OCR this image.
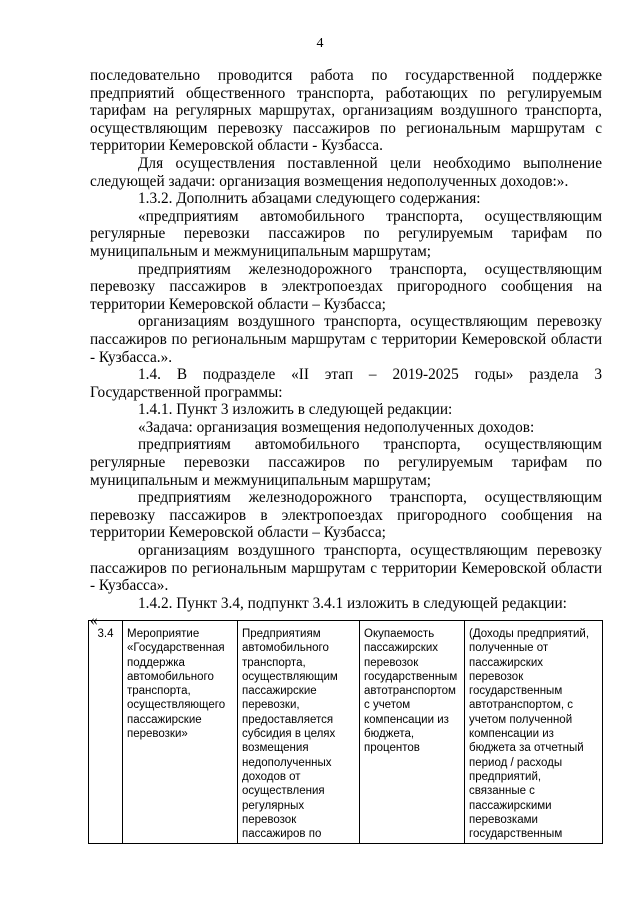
4

последовательно проводится работа по государственной поддержке предприятий общественного транспорта, работающих по регулируемым тарифам на регулярных маршрутах, организациям воздушного транспорта, осуществляющим перевозку пассажиров по региональным маршрутам с территории Кемеровской области - Кузбасса.

Для осуществления поставленной цели необходимо выполнение следующей задачи: организация возмещения недополученных доходов:».

1.3.2. Дополнить абзацами следующего содержания:

«предприятиям автомобильного транспорта, осуществляющим регулярные перевозки пассажиров по регулируемым тарифам по муниципальным и межмуниципальным маршрутам;

предприятиям железнодорожного транспорта, осуществляющим перевозку пассажиров в электропоездах пригородного сообщения на территории Кемеровской области – Кузбасса;

организациям воздушного транспорта, осуществляющим перевозку пассажиров по региональным маршрутам с территории Кемеровской области - Кузбасса.».

1.4. В подразделе «II этап – 2019-2025 годы» раздела 3 Государственной программы:

1.4.1. Пункт 3 изложить в следующей редакции:

«Задача: организация возмещения недополученных доходов:

предприятиям автомобильного транспорта, осуществляющим регулярные перевозки пассажиров по регулируемым тарифам по муниципальным и межмуниципальным маршрутам;

предприятиям железнодорожного транспорта, осуществляющим перевозку пассажиров в электропоездах пригородного сообщения на территории Кемеровской области – Кузбасса;

организациям воздушного транспорта, осуществляющим перевозку пассажиров по региональным маршрутам с территории Кемеровской области - Кузбасса».

1.4.2. Пункт 3.4, подпункт 3.4.1 изложить в следующей редакции:

«

3.4	Мероприятие «Государственная поддержка автомобильного транспорта, осуществляющего пассажирские перевозки»	Предприятиям автомобильного транспорта, осуществляющим пассажирские перевозки, предоставляется субсидия в целях возмещения недополученных доходов от осуществления регулярных перевозок пассажиров по	Окупаемость пассажирских перевозок государственным автотранспортом с учетом компенсации из бюджета, процентов	(Доходы предприятий, полученные от пассажирских перевозок государственным автотранспортом, с учетом полученной компенсации из бюджета за отчетный период / расходы предприятий, связанные с пассажирскими перевозками государственным
